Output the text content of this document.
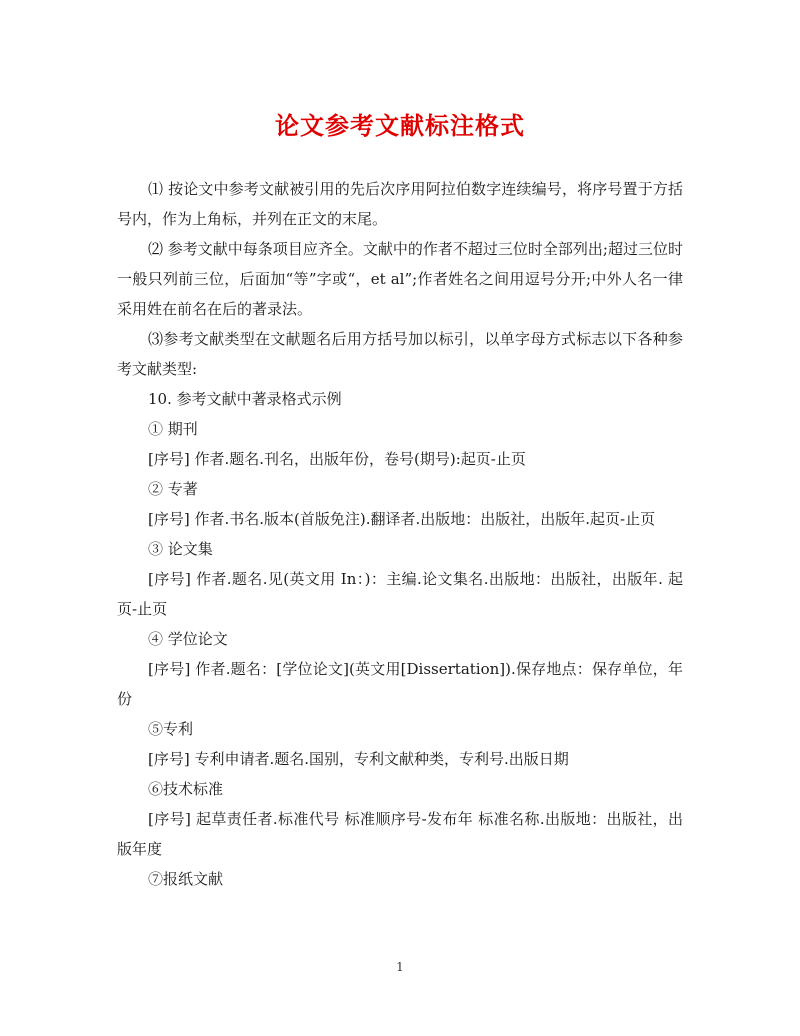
论文参考文献标注格式

⑴ 按论文中参考文献被引用的先后次序用阿拉伯数字连续编号，将序号置于方括号内，作为上角标，并列在正文的末尾。

⑵ 参考文献中每条项目应齐全。文献中的作者不超过三位时全部列出;超过三位时一般只列前三位，后面加“等”字或“，et al”;作者姓名之间用逗号分开;中外人名一律采用姓在前名在后的著录法。

⑶参考文献类型在文献题名后用方括号加以标引，以单字母方式标志以下各种参考文献类型:

10. 参考文献中著录格式示例

① 期刊

[序号] 作者.题名.刊名，出版年份，卷号(期号):起页-止页

② 专著

[序号] 作者.书名.版本(首版免注).翻译者.出版地：出版社，出版年.起页-止页

③ 论文集

[序号] 作者.题名.见(英文用 In：)：主编.论文集名.出版地：出版社，出版年. 起页-止页

④ 学位论文

[序号] 作者.题名：[学位论文](英文用[Dissertation]).保存地点：保存单位，年份

⑤专利

[序号] 专利申请者.题名.国别，专利文献种类，专利号.出版日期

⑥技术标准

[序号] 起草责任者.标准代号 标准顺序号-发布年 标准名称.出版地：出版社，出版年度

⑦报纸文献

1
